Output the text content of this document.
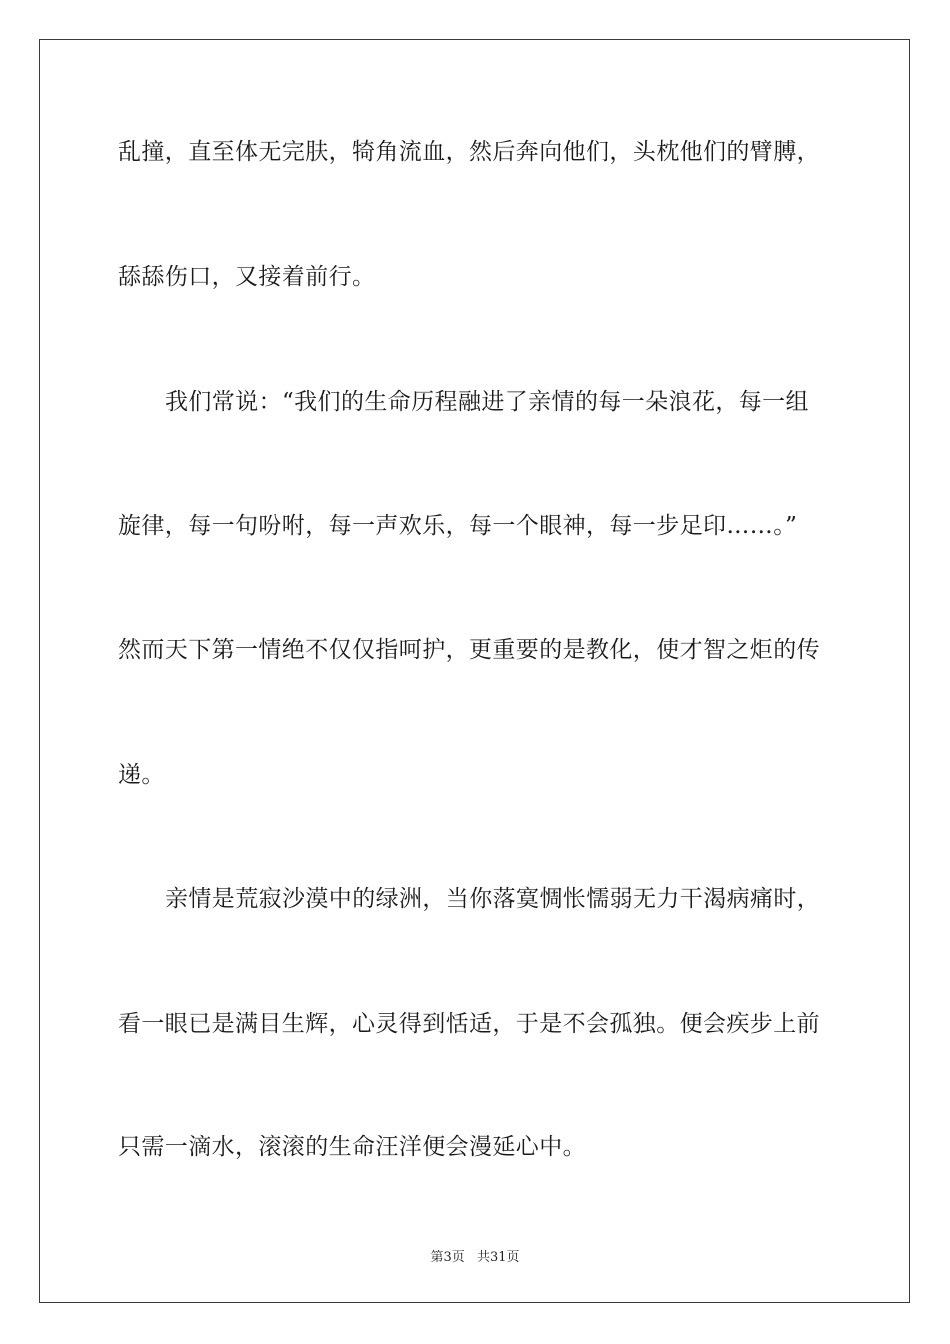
乱撞，直至体无完肤，犄角流血，然后奔向他们，头枕他们的臂膊，
舔舔伤口，又接着前行。
我们常说：“我们的生命历程融进了亲情的每一朵浪花，每一组
旋律，每一句吩咐，每一声欢乐，每一个眼神，每一步足印……。”
然而天下第一情绝不仅仅指呵护，更重要的是教化，使才智之炬的传
递。
亲情是荒寂沙漠中的绿洲，当你落寞惆怅懦弱无力干渴病痛时，
看一眼已是满目生辉，心灵得到恬适，于是不会孤独。便会疾步上前
只需一滴水，滚滚的生命汪洋便会漫延心中。
第3页 共31页
